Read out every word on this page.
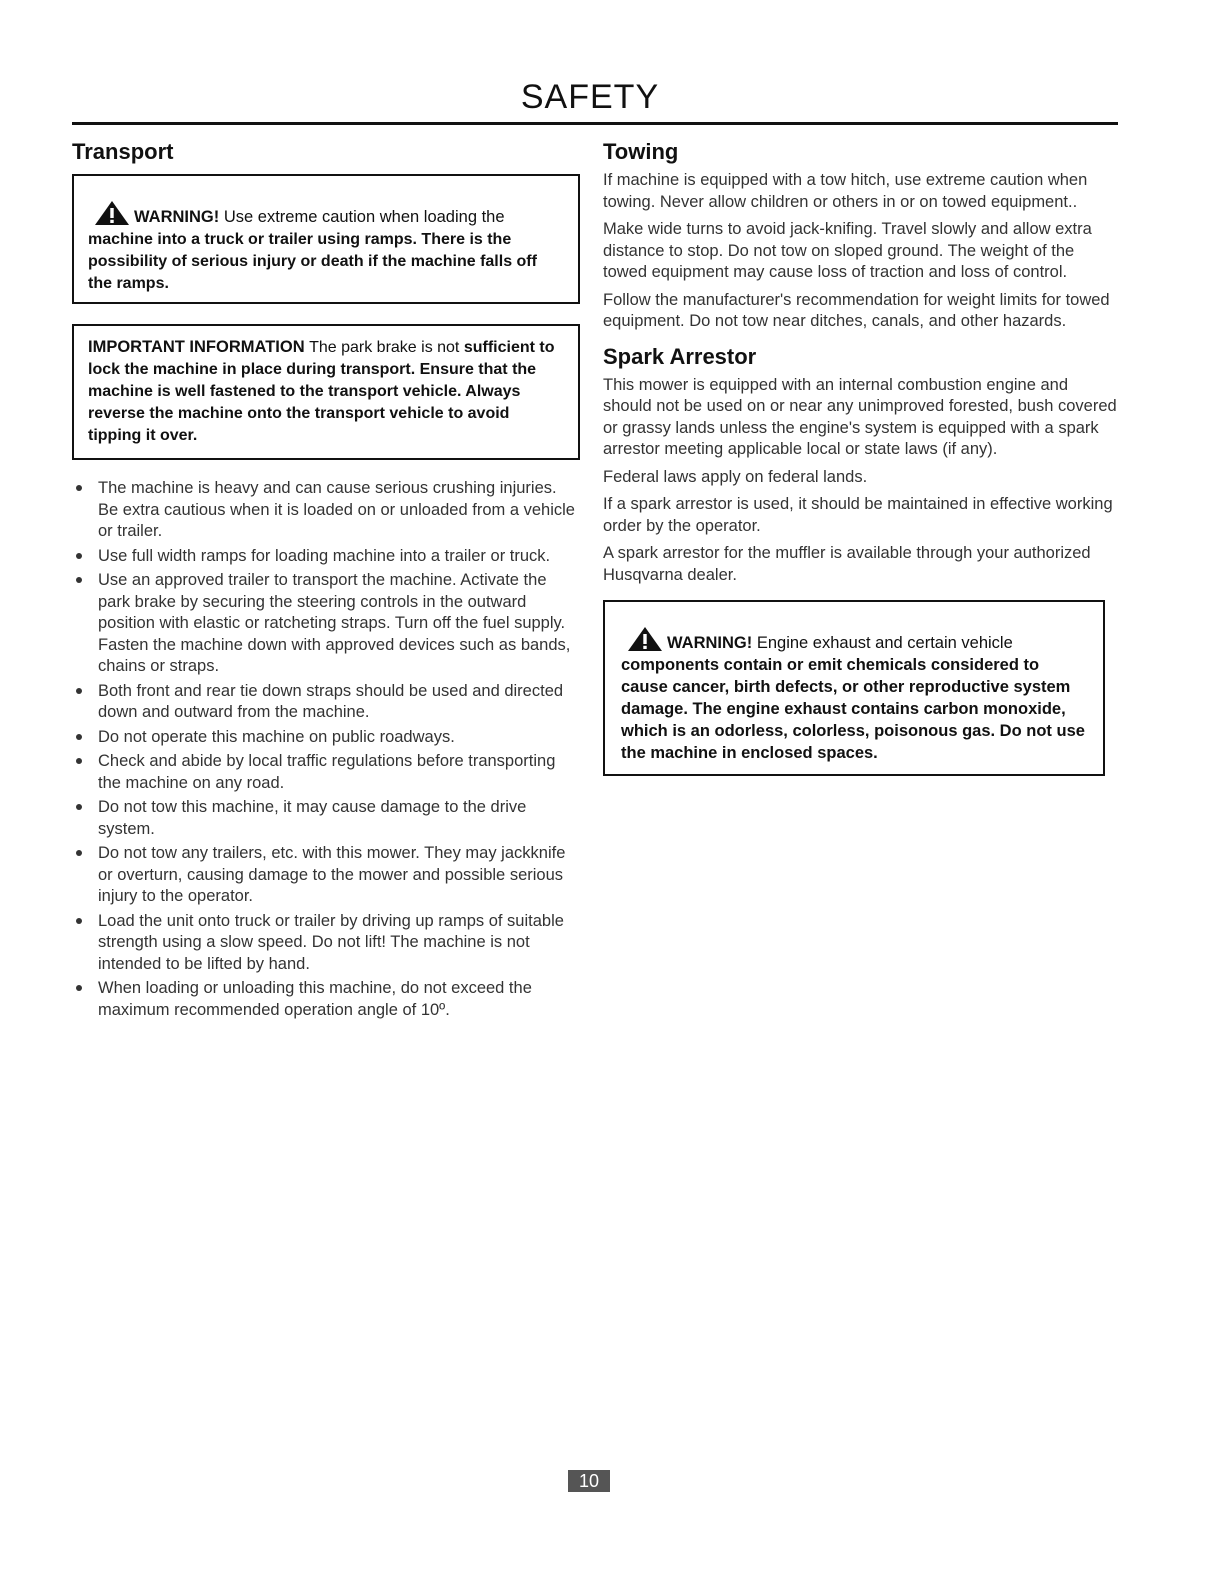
SAFETY
Transport
WARNING! Use extreme caution when loading the machine into a truck or trailer using ramps. There is the possibility of serious injury or death if the machine falls off the ramps.
IMPORTANT INFORMATION The park brake is not sufficient to lock the machine in place during transport. Ensure that the machine is well fastened to the transport vehicle. Always reverse the machine onto the transport vehicle to avoid tipping it over.
The machine is heavy and can cause serious crushing injuries. Be extra cautious when it is loaded on or unloaded from a vehicle or trailer.
Use full width ramps for loading machine into a trailer or truck.
Use an approved trailer to transport the machine. Activate the park brake by securing the steering controls in the outward position with elastic or ratcheting straps. Turn off the fuel supply. Fasten the machine down with approved devices such as bands, chains or straps.
Both front and rear tie down straps should be used and directed down and outward from the machine.
Do not operate this machine on public roadways.
Check and abide by local traffic regulations before transporting the machine on any road.
Do not tow this machine, it may cause damage to the drive system.
Do not tow any trailers, etc. with this mower. They may jackknife or overturn, causing damage to the mower and possible serious injury to the operator.
Load the unit onto truck or trailer by driving up ramps of suitable strength using a slow speed. Do not lift! The machine is not intended to be lifted by hand.
When loading or unloading this machine, do not exceed the maximum recommended operation angle of 10º.
Towing

If machine is equipped with a tow hitch, use extreme caution when towing. Never allow children or others in or on towed equipment..

Make wide turns to avoid jack-knifing. Travel slowly and allow extra distance to stop. Do not tow on sloped ground. The weight of the towed equipment may cause loss of traction and loss of control.

Follow the manufacturer's recommendation for weight limits for towed equipment. Do not tow near ditches, canals, and other hazards.

Spark Arrestor

This mower is equipped with an internal combustion engine and should not be used on or near any unimproved forested, bush covered or grassy lands unless the engine's system is equipped with a spark arrestor meeting applicable local or state laws (if any).

Federal laws apply on federal lands.

If a spark arrestor is used, it should be maintained in effective working order by the operator.

A spark arrestor for the muffler is available through your authorized Husqvarna dealer.

WARNING! Engine exhaust and certain vehicle components contain or emit chemicals considered to cause cancer, birth defects, or other reproductive system damage. The engine exhaust contains carbon monoxide, which is an odorless, colorless, poisonous gas. Do not use the machine in enclosed spaces.
10
